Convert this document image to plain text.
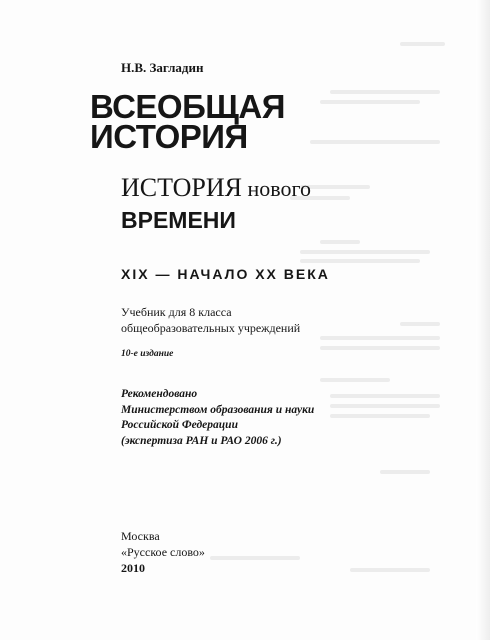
Н.В. Загладин
ВСЕОБЩАЯ
ИСТОРИЯ
ИСТОРИЯ нового
ВРЕМЕНИ
XIX — НАЧАЛО XX ВЕКА
Учебник для 8 класса
общеобразовательных учреждений
10-е издание
Рекомендовано
Министерством образования и науки
Российской Федерации
(экспертиза РАН и РАО 2006 г.)
Москва
«Русское слово»
2010
